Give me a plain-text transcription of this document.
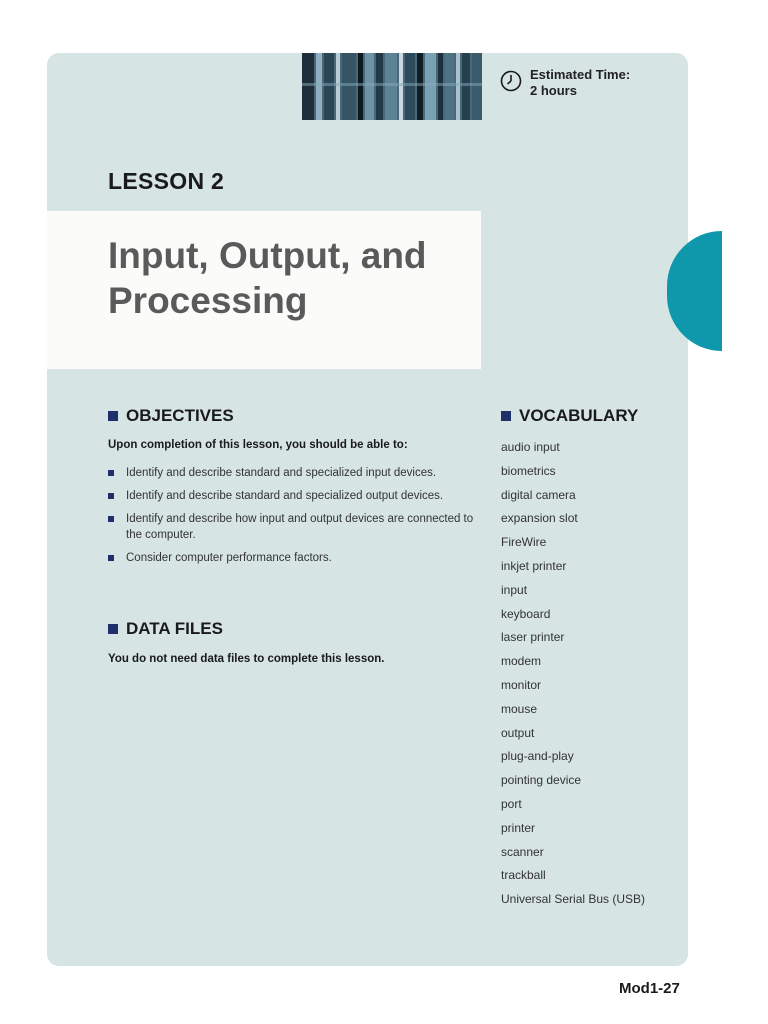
Estimated Time:
2 hours
LESSON 2
Input, Output, and Processing
OBJECTIVES
Upon completion of this lesson, you should be able to:
Identify and describe standard and specialized input devices.
Identify and describe standard and specialized output devices.
Identify and describe how input and output devices are connected to the computer.
Consider computer performance factors.
DATA FILES
You do not need data files to complete this lesson.
VOCABULARY
audio input
biometrics
digital camera
expansion slot
FireWire
inkjet printer
input
keyboard
laser printer
modem
monitor
mouse
output
plug-and-play
pointing device
port
printer
scanner
trackball
Universal Serial Bus (USB)
Mod1-27
